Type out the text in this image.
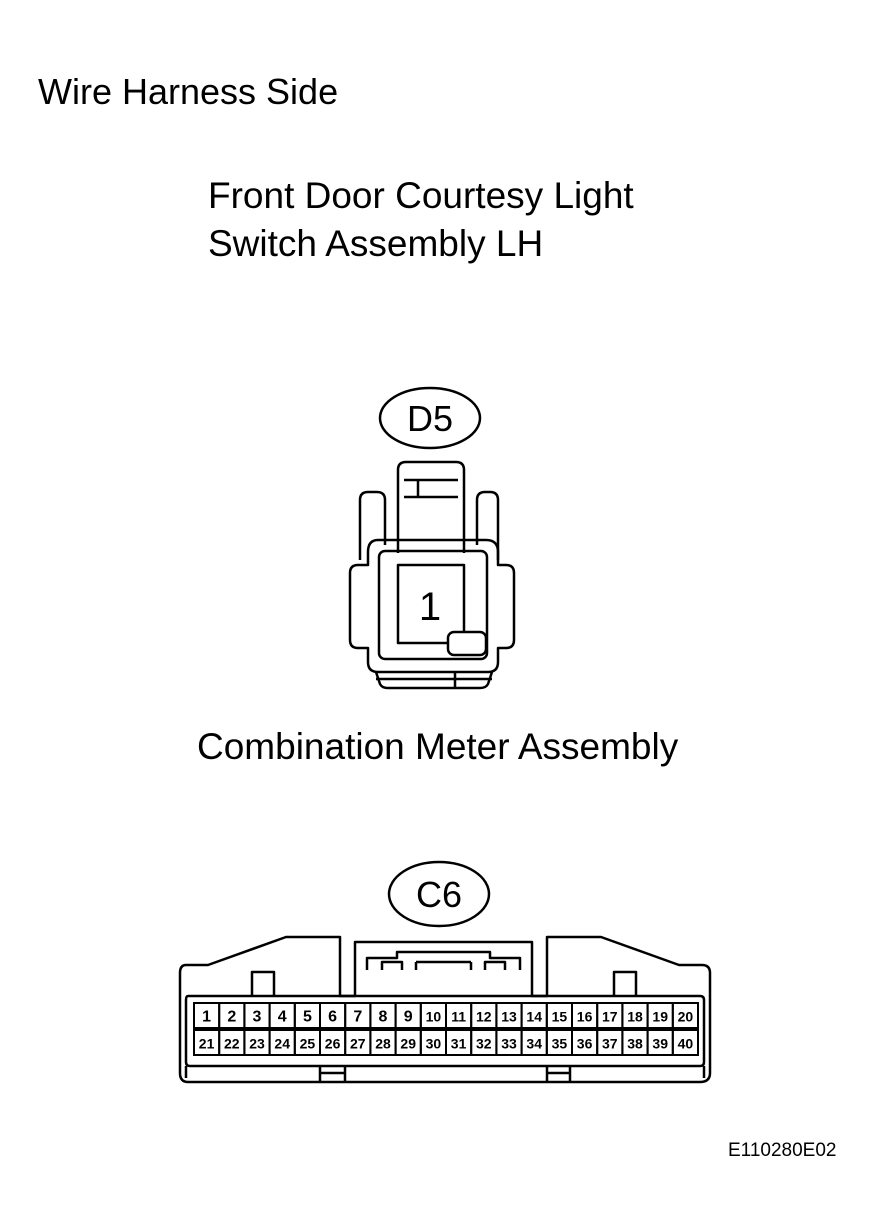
Wire Harness Side
Front Door Courtesy Light
Switch Assembly LH
Combination Meter Assembly
E110280E02
D5
1
C6
1 2 3 4 5 6 7 8 9 10 11 12 13 14 15 16 17 18 19 20
21 22 23 24 25 26 27 28 29 30 31 32 33 34 35 36 37 38 39 40
